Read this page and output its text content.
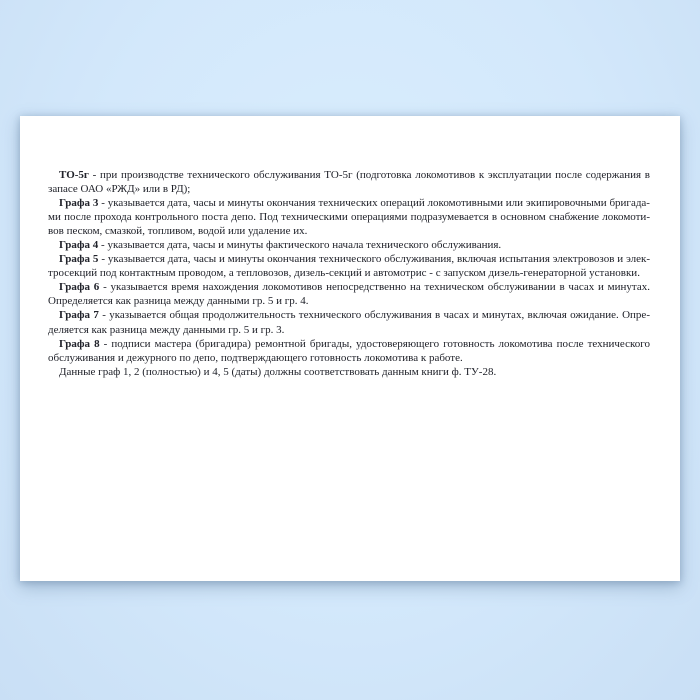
ТО-5г - при производстве технического обслуживания ТО-5г (подготовка локомотивов к эксплуатации после содержания в
запасе ОАО «РЖД» или в РД);
Графа 3 - указывается дата, часы и минуты окончания технических операций локомотивными или экипировочными бригада-
ми после прохода контрольного поста депо. Под техническими операциями подразумевается в основном снабжение локомоти-
вов песком, смазкой, топливом, водой или удаление их.
Графа 4 - указывается дата, часы и минуты фактического начала технического обслуживания.
Графа 5 - указывается дата, часы и минуты окончания технического обслуживания, включая испытания электровозов и элек-
тросекций под контактным проводом, а тепловозов, дизель-секций и автомотрис - с запуском дизель-генераторной установки.
Графа 6 - указывается время нахождения локомотивов непосредственно на техническом обслуживании в часах и минутах.
Определяется как разница между данными гр. 5 и гр. 4.
Графа 7 - указывается общая продолжительность технического обслуживания в часах и минутах, включая ожидание. Опре-
деляется как разница между данными гр. 5 и гр. 3.
Графа 8 - подписи мастера (бригадира) ремонтной бригады, удостоверяющего готовность локомотива после технического
обслуживания и дежурного по депо, подтверждающего готовность локомотива к работе.
Данные граф 1, 2 (полностью) и 4, 5 (даты) должны соответствовать данным книги ф. ТУ-28.
